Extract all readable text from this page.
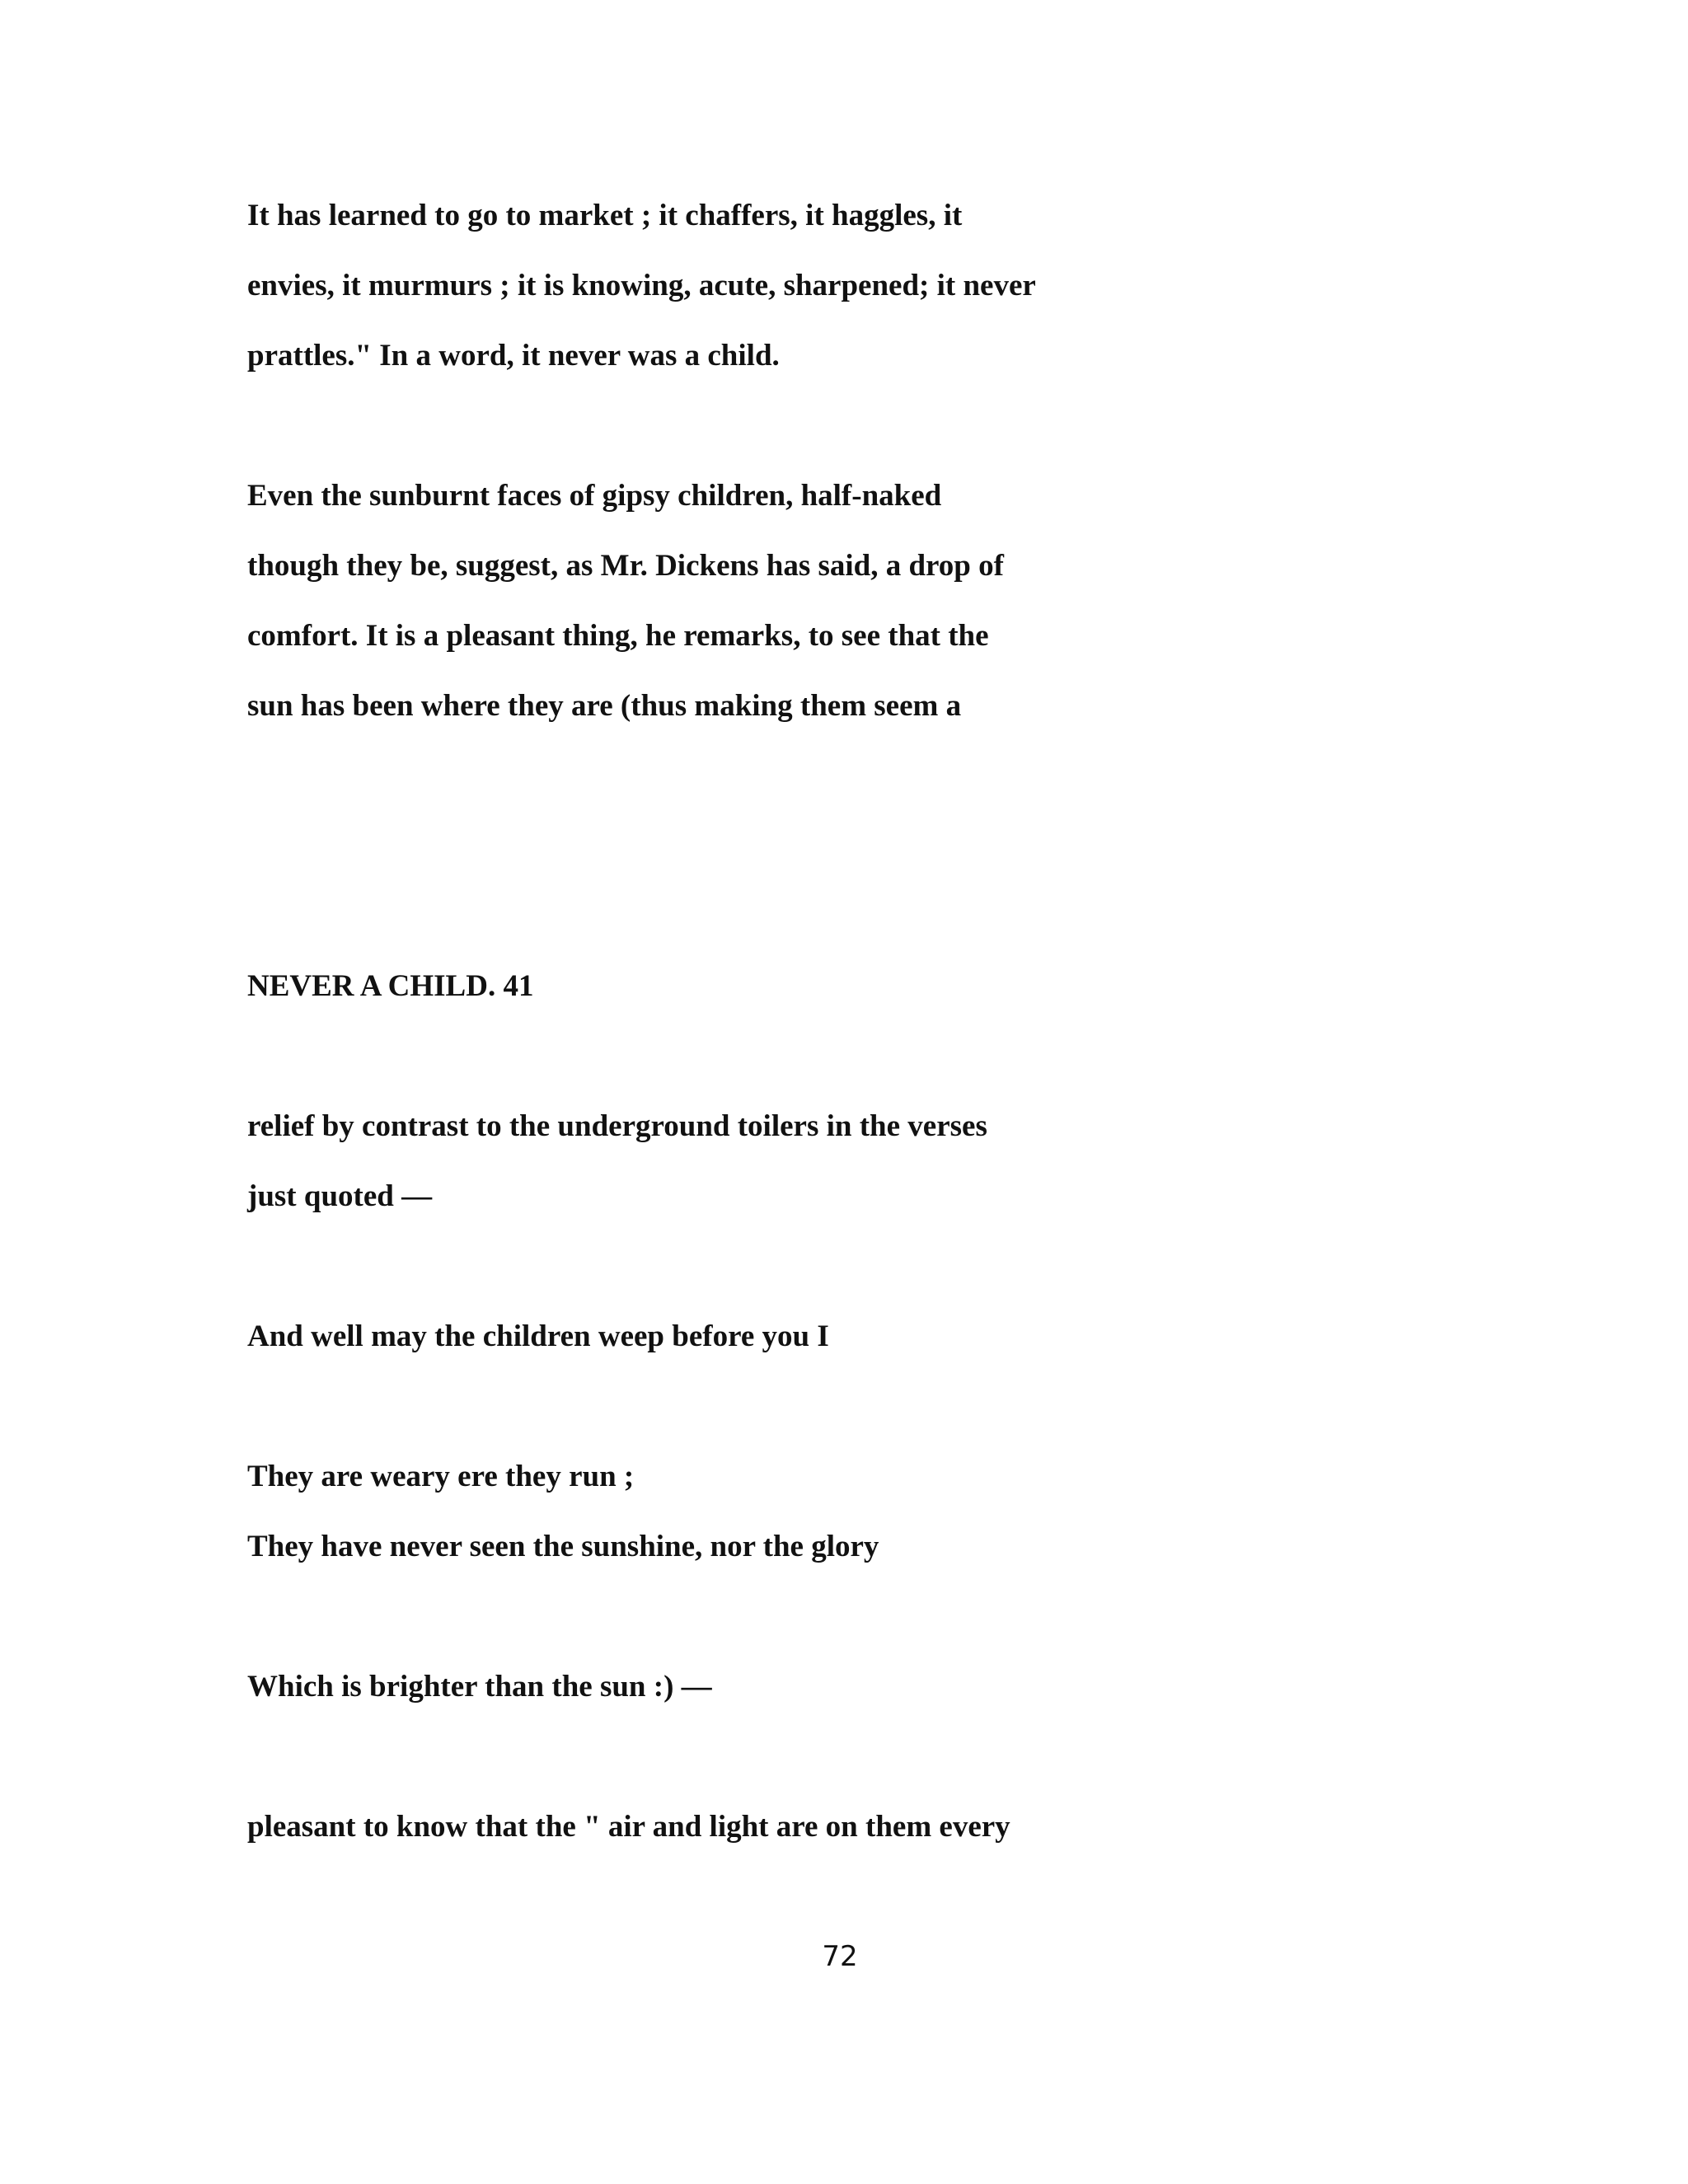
It has learned to go to market ; it chaffers, it haggles, it
envies, it murmurs ; it is knowing, acute, sharpened; it never
prattles." In a word, it never was a child.
Even the sunburnt faces of gipsy children, half-naked
though they be, suggest, as Mr. Dickens has said, a drop of
comfort. It is a pleasant thing, he remarks, to see that the
sun has been where they are (thus making them seem a
NEVER A CHILD. 41
relief by contrast to the underground toilers in the verses
just quoted —
And well may the children weep before you I
They are weary ere they run ;
They have never seen the sunshine, nor the glory
Which is brighter than the sun :) —
pleasant to know that the " air and light are on them every
72
